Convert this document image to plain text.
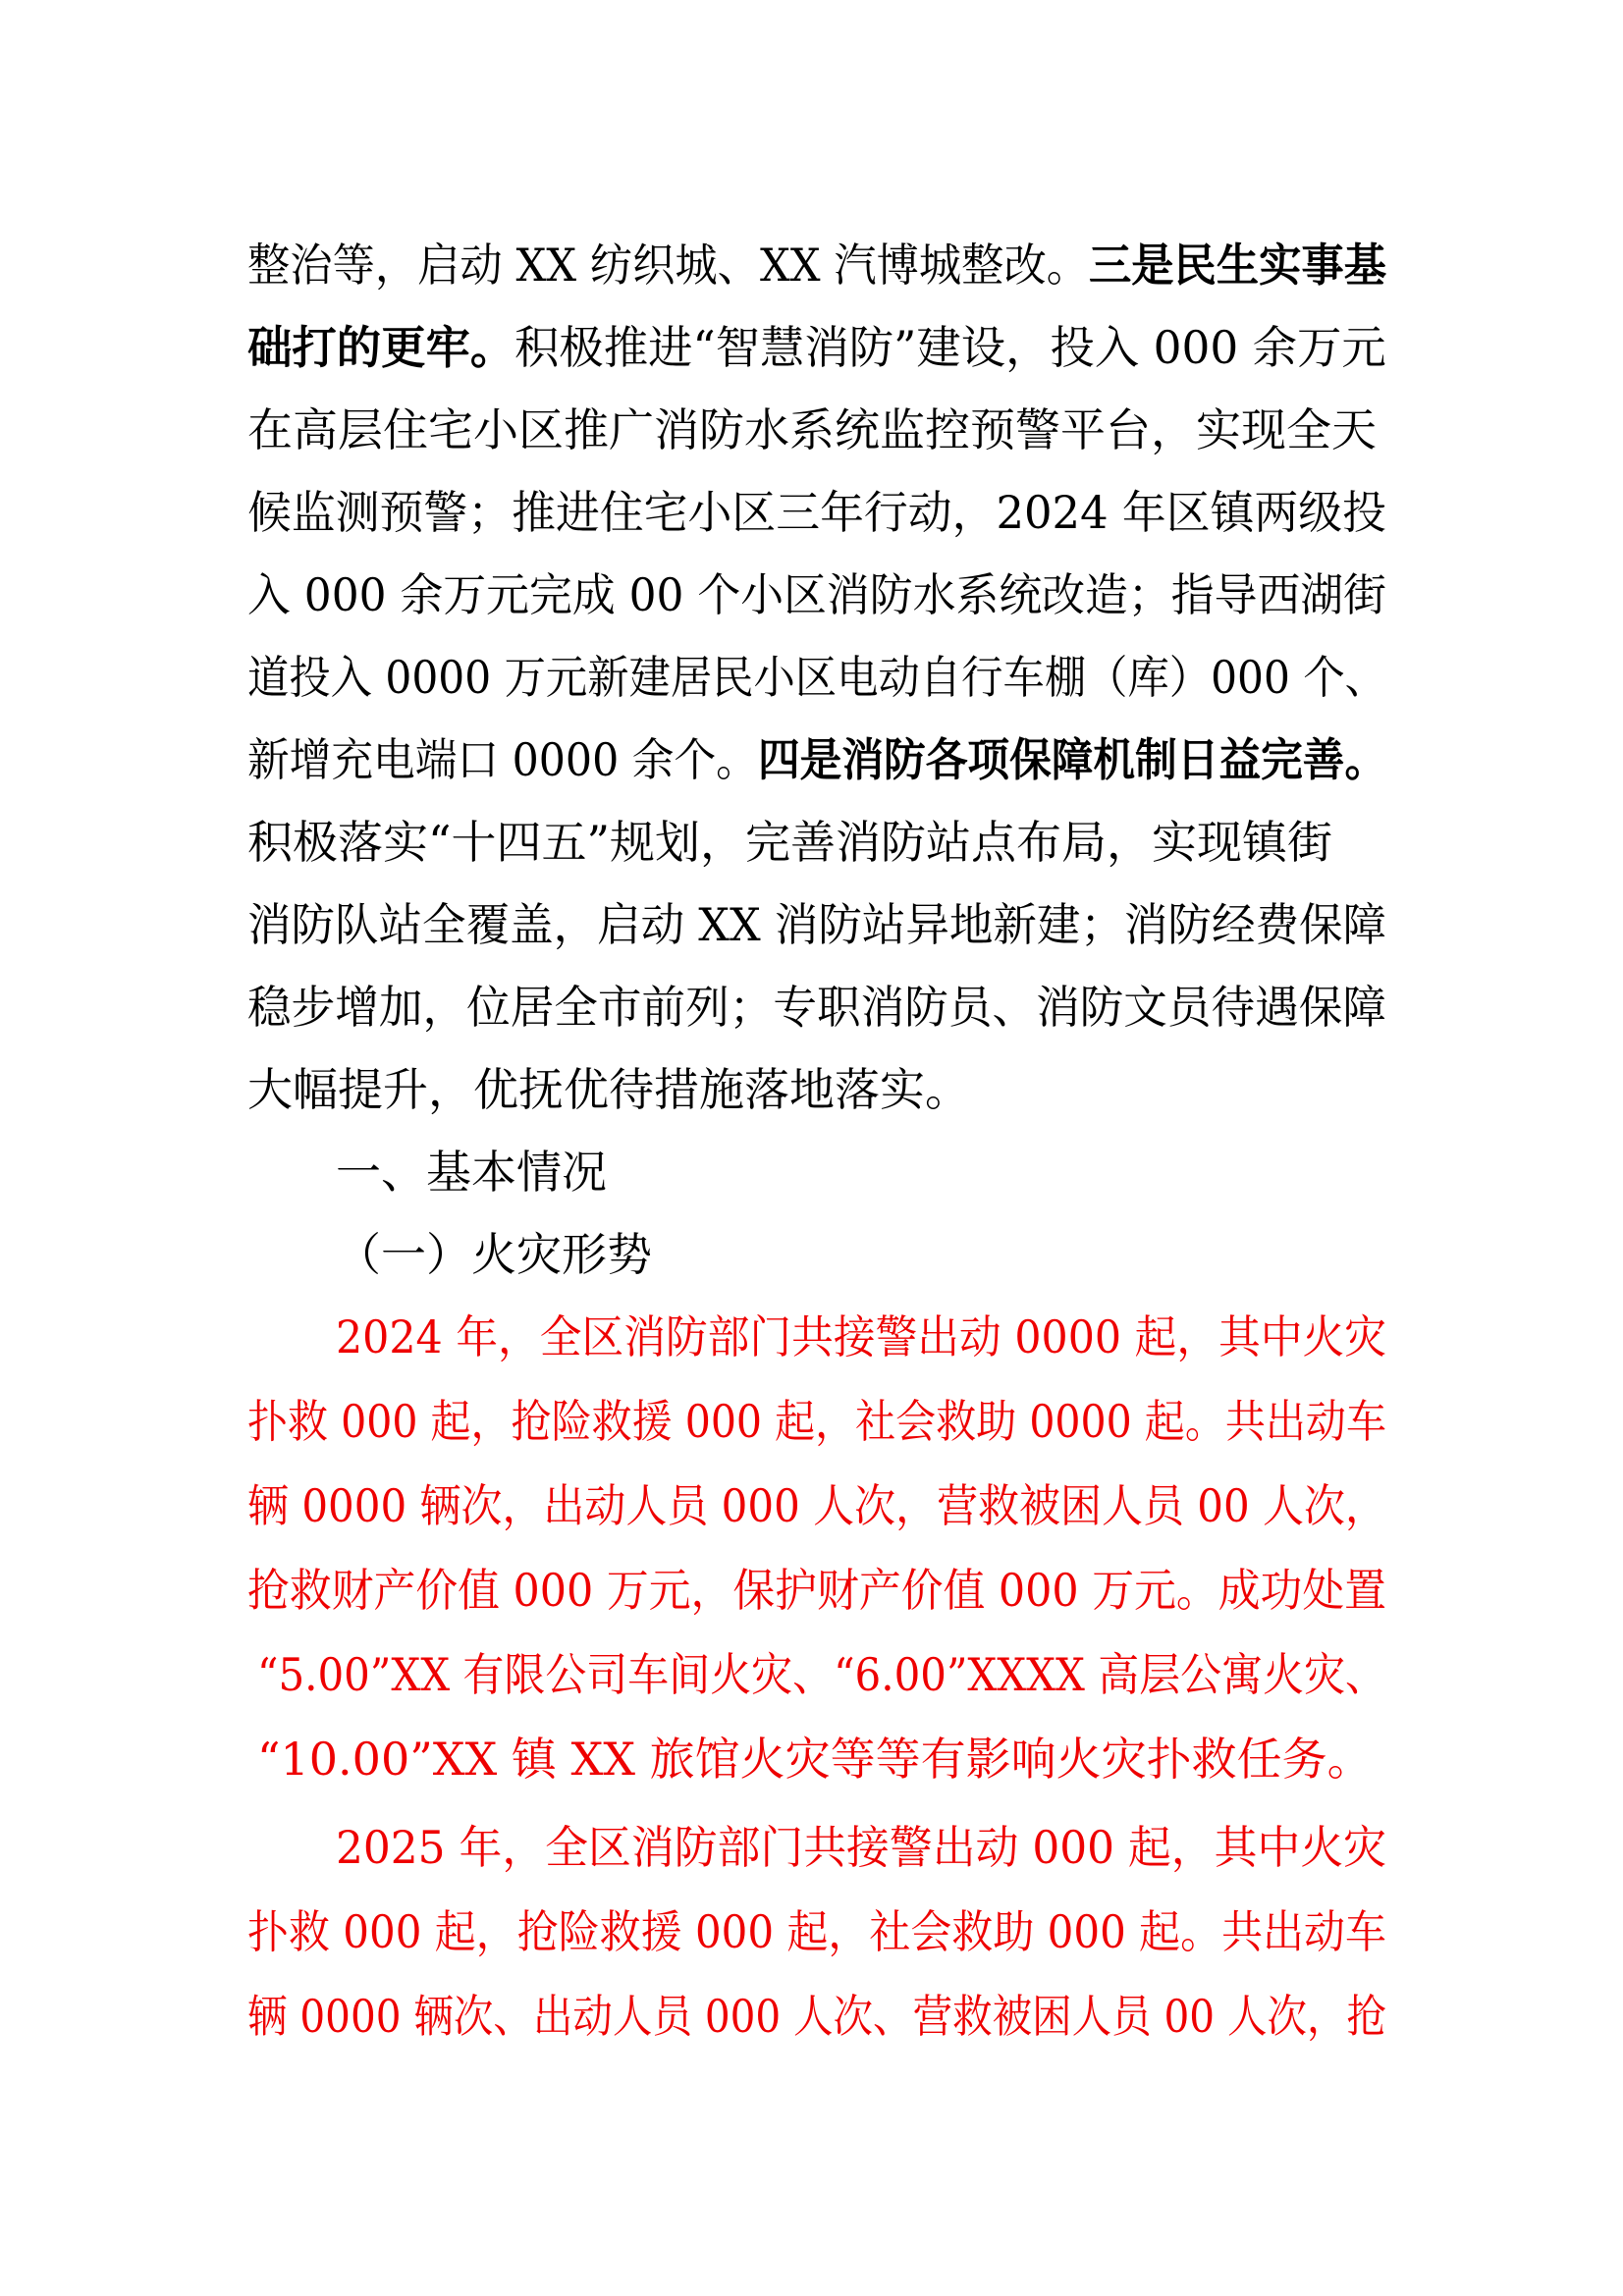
整治等，启动 XX 纺织城、XX 汽博城整改。 三是民生实事基
础打的更牢。 积极推进“智慧消防”建设，投入 000 余万元
在高层住宅小区推广消防水系统监控预警平台，实现全天
候监测预警；推进住宅小区三年行动，2024 年区镇两级投
入 000 余万元完成 00 个小区消防水系统改造；指导西湖街
道投入 0000 万元新建居民小区电动自行车棚（库）000 个、
新增充电端口 0000 余个。 四是消防各项保障机制日益完善。
积极落实“十四五”规划，完善消防站点布局，实现镇街
消防队站全覆盖，启动 XX 消防站异地新建；消防经费保障
稳步增加，位居全市前列；专职消防员、消防文员待遇保障
大幅提升，优抚优待措施落地落实。
一、基本情况
（一）火灾形势
2024 年，全区消防部门共接警出动 0000 起，其中火灾
扑救 000 起，抢险救援 000 起，社会救助 0000 起。共出动车
辆 0000 辆次，出动人员 000 人次，营救被困人员 00 人次，
抢救财产价值 000 万元，保护财产价值 000 万元。成功处置
“5.00”XX 有限公司车间火灾、“6.00”XXXX 高层公寓火灾、
“10.00”XX 镇 XX 旅馆火灾等等有影响火灾扑救任务。
2025 年，全区消防部门共接警出动 000 起，其中火灾
扑救 000 起，抢险救援 000 起，社会救助 000 起。共出动车
辆 0000 辆次、出动人员 000 人次、营救被困人员 00 人次，抢
